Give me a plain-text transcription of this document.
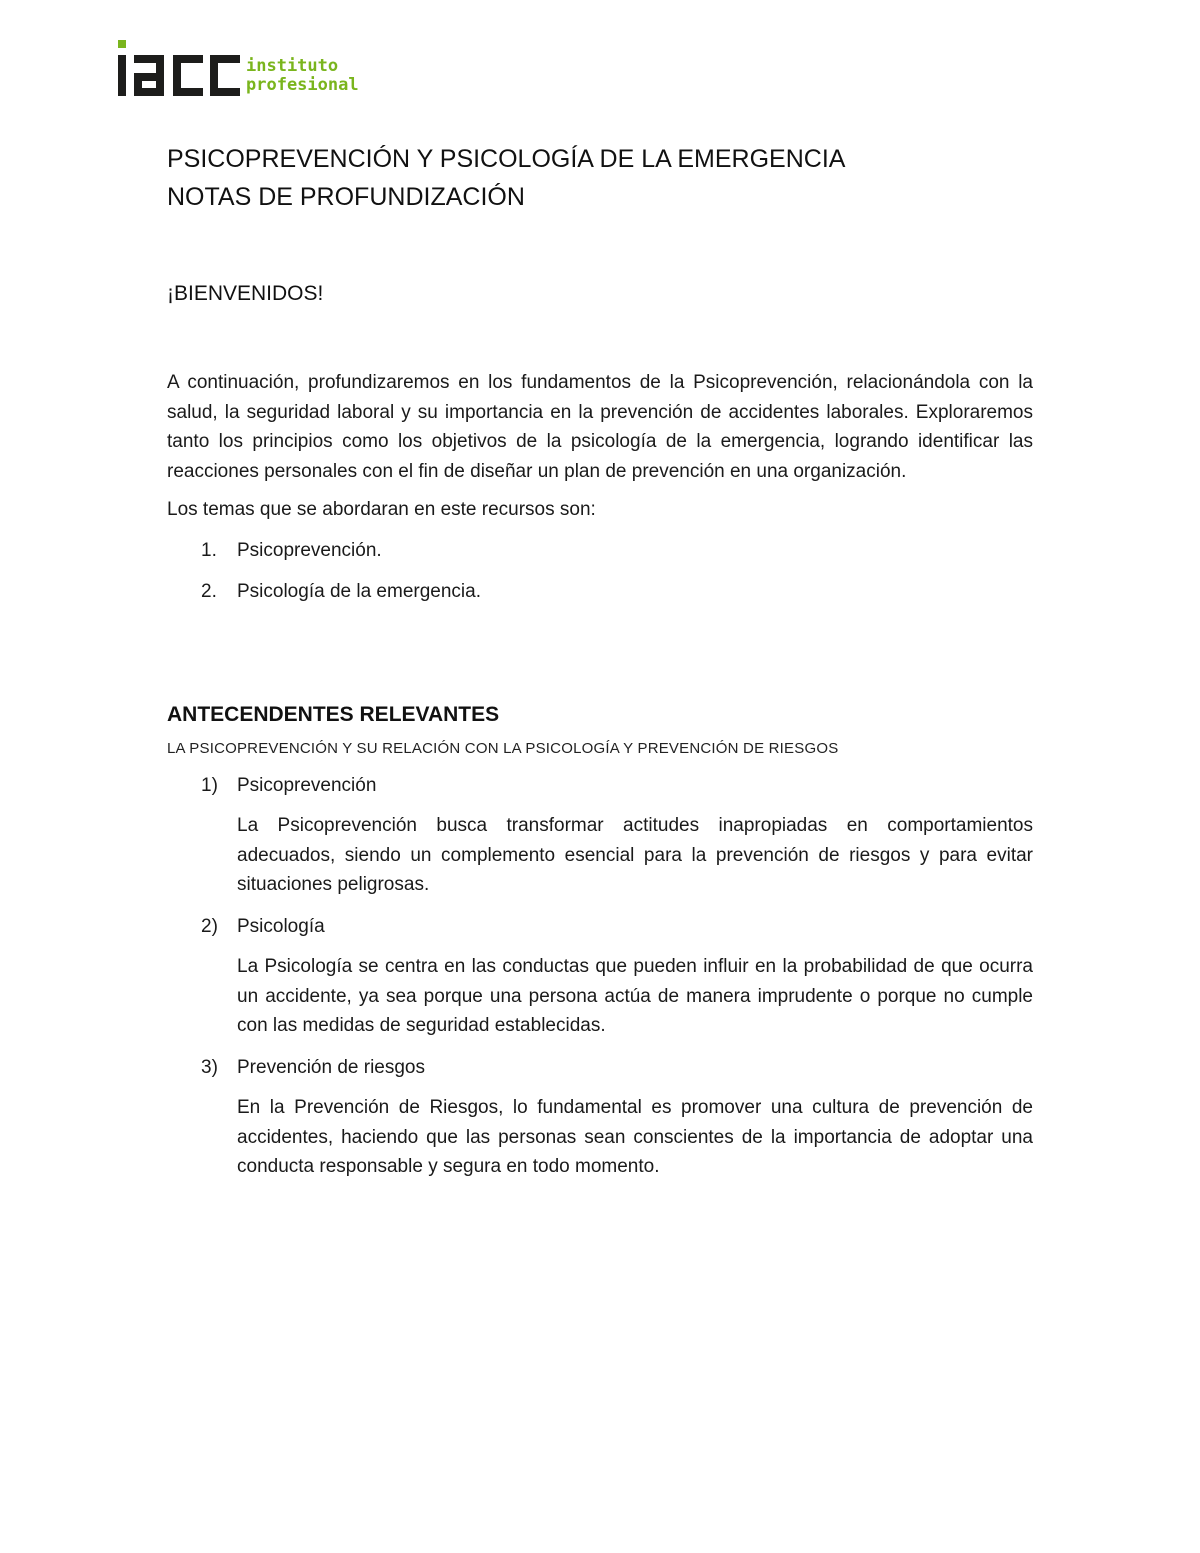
instituto
profesional
PSICOPREVENCIÓN Y PSICOLOGÍA DE LA EMERGENCIA
NOTAS DE PROFUNDIZACIÓN
¡BIENVENIDOS!

A continuación, profundizaremos en los fundamentos de la Psicoprevención, relacionándola con la salud, la seguridad laboral y su importancia en la prevención de accidentes laborales. Exploraremos tanto los principios como los objetivos de la psicología de la emergencia, logrando identificar las reacciones personales con el fin de diseñar un plan de prevención en una organización.

Los temas que se abordaran en este recursos son:

1.	Psicoprevención.
2.	Psicología de la emergencia.
ANTECENDENTES RELEVANTES
LA PSICOPREVENCIÓN Y SU RELACIÓN CON LA PSICOLOGÍA Y PREVENCIÓN DE RIESGOS
1)	Psicoprevención

La Psicoprevención busca transformar actitudes inapropiadas en comportamientos adecuados, siendo un complemento esencial para la prevención de riesgos y para evitar situaciones peligrosas.

2)	Psicología

La Psicología se centra en las conductas que pueden influir en la probabilidad de que ocurra un accidente, ya sea porque una persona actúa de manera imprudente o porque no cumple con las medidas de seguridad establecidas.

3)	Prevención de riesgos

En la Prevención de Riesgos, lo fundamental es promover una cultura de prevención de accidentes, haciendo que las personas sean conscientes de la importancia de adoptar una conducta responsable y segura en todo momento.
